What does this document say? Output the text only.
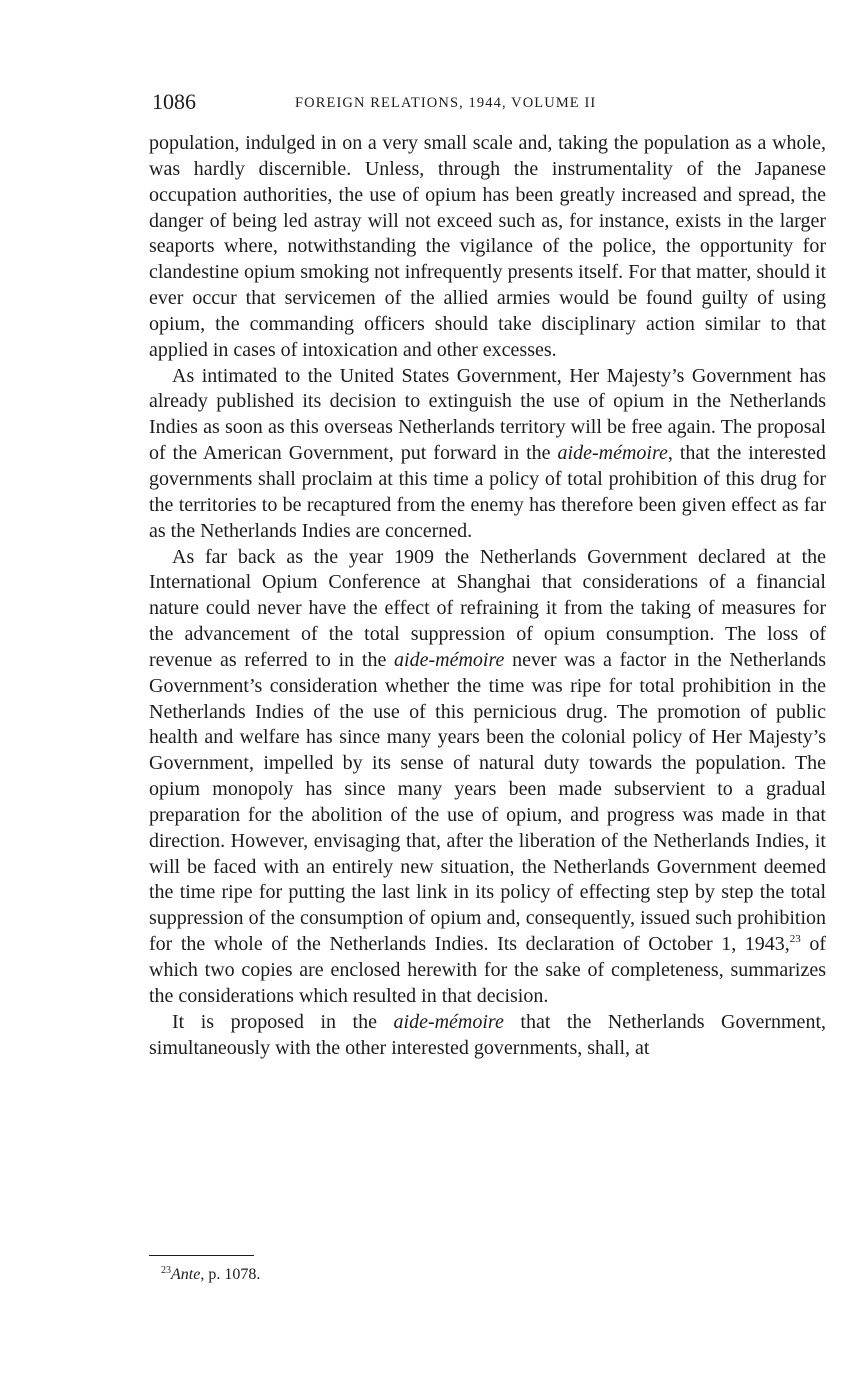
1086	FOREIGN RELATIONS, 1944, VOLUME II

population, indulged in on a very small scale and, taking the population as a whole, was hardly discernible. Unless, through the instrumentality of the Japanese occupation authorities, the use of opium has been greatly increased and spread, the danger of being led astray will not exceed such as, for instance, exists in the larger seaports where, notwithstanding the vigilance of the police, the opportunity for clandestine opium smoking not infrequently presents itself. For that matter, should it ever occur that servicemen of the allied armies would be found guilty of using opium, the commanding officers should take disciplinary action similar to that applied in cases of intoxication and other excesses.

As intimated to the United States Government, Her Majesty’s Government has already published its decision to extinguish the use of opium in the Netherlands Indies as soon as this overseas Netherlands territory will be free again. The proposal of the American Government, put forward in the aide-mémoire, that the interested governments shall proclaim at this time a policy of total prohibition of this drug for the territories to be recaptured from the enemy has therefore been given effect as far as the Netherlands Indies are concerned.

As far back as the year 1909 the Netherlands Government declared at the International Opium Conference at Shanghai that considerations of a financial nature could never have the effect of refraining it from the taking of measures for the advancement of the total suppression of opium consumption. The loss of revenue as referred to in the aide-mémoire never was a factor in the Netherlands Government’s consideration whether the time was ripe for total prohibition in the Netherlands Indies of the use of this pernicious drug. The promotion of public health and welfare has since many years been the colonial policy of Her Majesty’s Government, impelled by its sense of natural duty towards the population. The opium monopoly has since many years been made subservient to a gradual preparation for the abolition of the use of opium, and progress was made in that direction. However, envisaging that, after the liberation of the Netherlands Indies, it will be faced with an entirely new situation, the Netherlands Government deemed the time ripe for putting the last link in its policy of effecting step by step the total suppression of the consumption of opium and, consequently, issued such prohibition for the whole of the Netherlands Indies. Its declaration of October 1, 1943,23 of which two copies are enclosed herewith for the sake of completeness, summarizes the considerations which resulted in that decision.

It is proposed in the aide-mémoire that the Netherlands Government, simultaneously with the other interested governments, shall, at

$^{23}$Ante, p. 1078.
